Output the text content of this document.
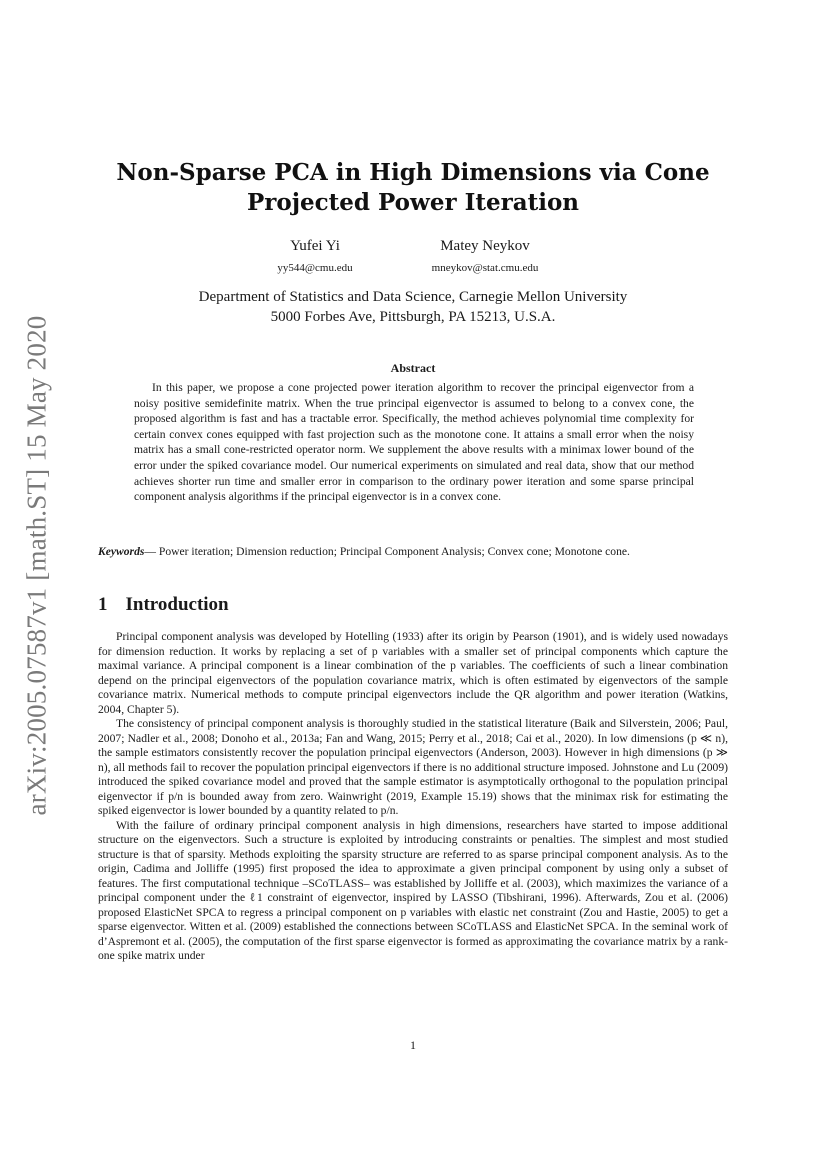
arXiv:2005.07587v1 [math.ST] 15 May 2020
Non-Sparse PCA in High Dimensions via Cone Projected Power Iteration
Yufei Yi
yy544@cmu.edu
Matey Neykov
mneykov@stat.cmu.edu
Department of Statistics and Data Science, Carnegie Mellon University
5000 Forbes Ave, Pittsburgh, PA 15213, U.S.A.
Abstract
In this paper, we propose a cone projected power iteration algorithm to recover the principal eigenvector from a noisy positive semidefinite matrix. When the true principal eigenvector is assumed to belong to a convex cone, the proposed algorithm is fast and has a tractable error. Specifically, the method achieves polynomial time complexity for certain convex cones equipped with fast projection such as the monotone cone. It attains a small error when the noisy matrix has a small cone-restricted operator norm. We supplement the above results with a minimax lower bound of the error under the spiked covariance model. Our numerical experiments on simulated and real data, show that our method achieves shorter run time and smaller error in comparison to the ordinary power iteration and some sparse principal component analysis algorithms if the principal eigenvector is in a convex cone.
Keywords— Power iteration; Dimension reduction; Principal Component Analysis; Convex cone; Monotone cone.
1 Introduction

Principal component analysis was developed by Hotelling (1933) after its origin by Pearson (1901), and is widely used nowadays for dimension reduction. It works by replacing a set of p variables with a smaller set of principal components which capture the maximal variance. A principal component is a linear combination of the p variables. The coefficients of such a linear combination depend on the principal eigenvectors of the population covariance matrix, which is often estimated by eigenvectors of the sample covariance matrix. Numerical methods to compute principal eigenvectors include the QR algorithm and power iteration (Watkins, 2004, Chapter 5).

The consistency of principal component analysis is thoroughly studied in the statistical literature (Baik and Silverstein, 2006; Paul, 2007; Nadler et al., 2008; Donoho et al., 2013a; Fan and Wang, 2015; Perry et al., 2018; Cai et al., 2020). In low dimensions (p ≪ n), the sample estimators consistently recover the population principal eigenvectors (Anderson, 2003). However in high dimensions (p ≫ n), all methods fail to recover the population principal eigenvectors if there is no additional structure imposed. Johnstone and Lu (2009) introduced the spiked covariance model and proved that the sample estimator is asymptotically orthogonal to the population principal eigenvector if p/n is bounded away from zero. Wainwright (2019, Example 15.19) shows that the minimax risk for estimating the spiked eigenvector is lower bounded by a quantity related to p/n.

With the failure of ordinary principal component analysis in high dimensions, researchers have started to impose additional structure on the eigenvectors. Such a structure is exploited by introducing constraints or penalties. The simplest and most studied structure is that of sparsity. Methods exploiting the sparsity structure are referred to as sparse principal component analysis. As to the origin, Cadima and Jolliffe (1995) first proposed the idea to approximate a given principal component by using only a subset of features. The first computational technique –SCoTLASS– was established by Jolliffe et al. (2003), which maximizes the variance of a principal component under the ℓ1 constraint of eigenvector, inspired by LASSO (Tibshirani, 1996). Afterwards, Zou et al. (2006) proposed ElasticNet SPCA to regress a principal component on p variables with elastic net constraint (Zou and Hastie, 2005) to get a sparse eigenvector. Witten et al. (2009) established the connections between SCoTLASS and ElasticNet SPCA. In the seminal work of d’Aspremont et al. (2005), the computation of the first sparse eigenvector is formed as approximating the covariance matrix by a rank-one spike matrix under

1
